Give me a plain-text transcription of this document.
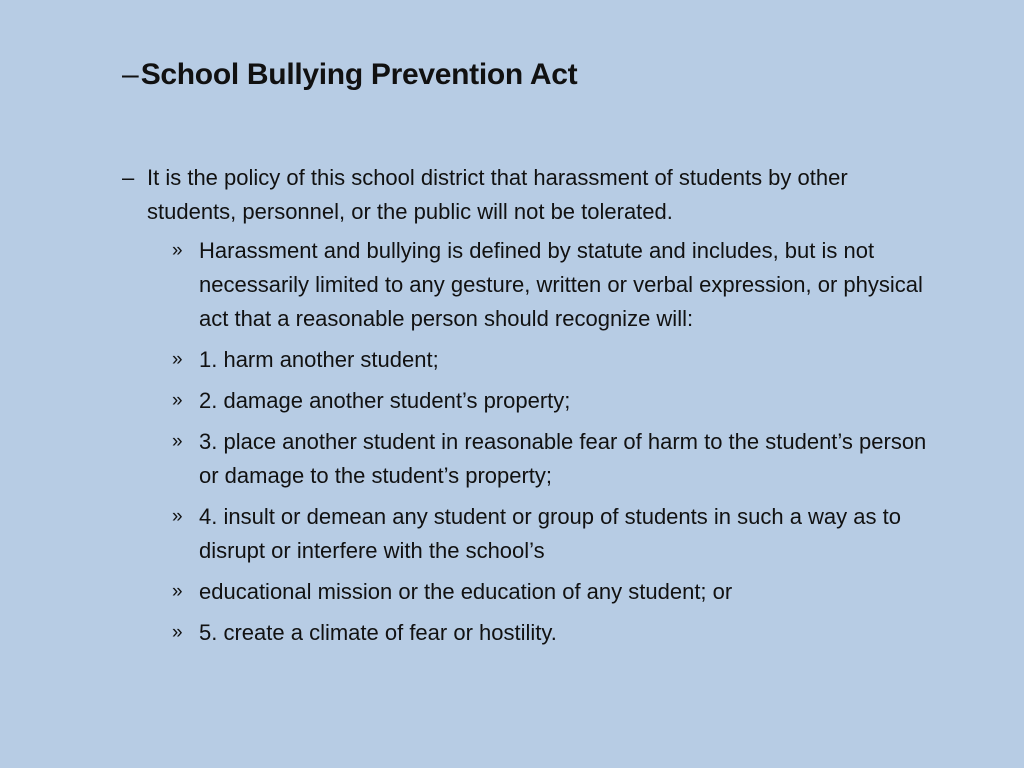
– School Bullying Prevention Act
– It is the policy of this school district that harassment of students by other students, personnel, or the public will not be tolerated.
» Harassment and bullying is defined by statute and includes, but is not necessarily limited to any gesture, written or verbal expression, or physical act that a reasonable person should recognize will:
» 1. harm another student;
» 2. damage another student’s property;
» 3. place another student in reasonable fear of harm to the student’s person or damage to the student’s property;
» 4. insult or demean any student or group of students in such a way as to disrupt or interfere with the school’s
» educational mission or the education of any student; or
» 5. create a climate of fear or hostility.
